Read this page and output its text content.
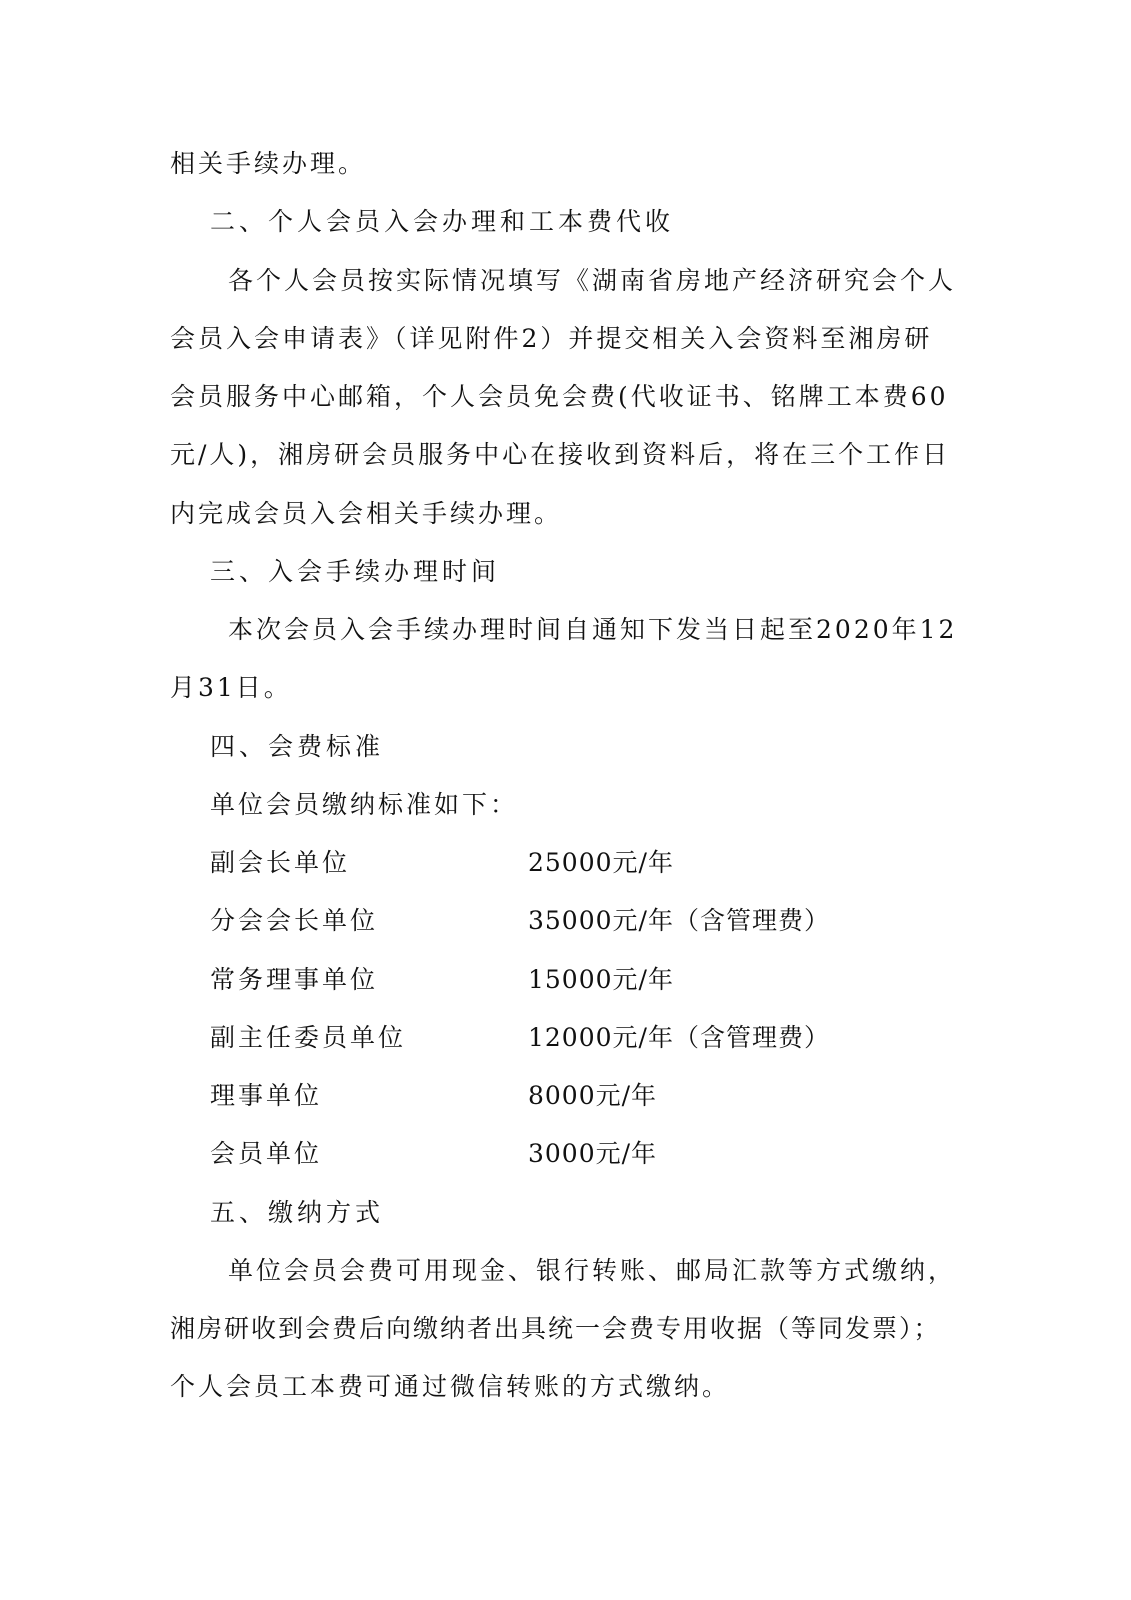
相关手续办理。
二、个人会员入会办理和工本费代收
各个人会员按实际情况填写《湖南省房地产经济研究会个人
会员入会申请表》（详见附件2）并提交相关入会资料至湘房研
会员服务中心邮箱，个人会员免会费(代收证书、铭牌工本费60
元/人)，湘房研会员服务中心在接收到资料后，将在三个工作日
内完成会员入会相关手续办理。
三、入会手续办理时间
本次会员入会手续办理时间自通知下发当日起至2020年12
月31日。
四、会费标准
单位会员缴纳标准如下：
副会长单位	25000元/年
分会会长单位	35000元/年（含管理费）
常务理事单位	15000元/年
副主任委员单位	12000元/年（含管理费）
理事单位	8000元/年
会员单位	3000元/年
五、缴纳方式
单位会员会费可用现金、银行转账、邮局汇款等方式缴纳，
湘房研收到会费后向缴纳者出具统一会费专用收据（等同发票）；
个人会员工本费可通过微信转账的方式缴纳。
